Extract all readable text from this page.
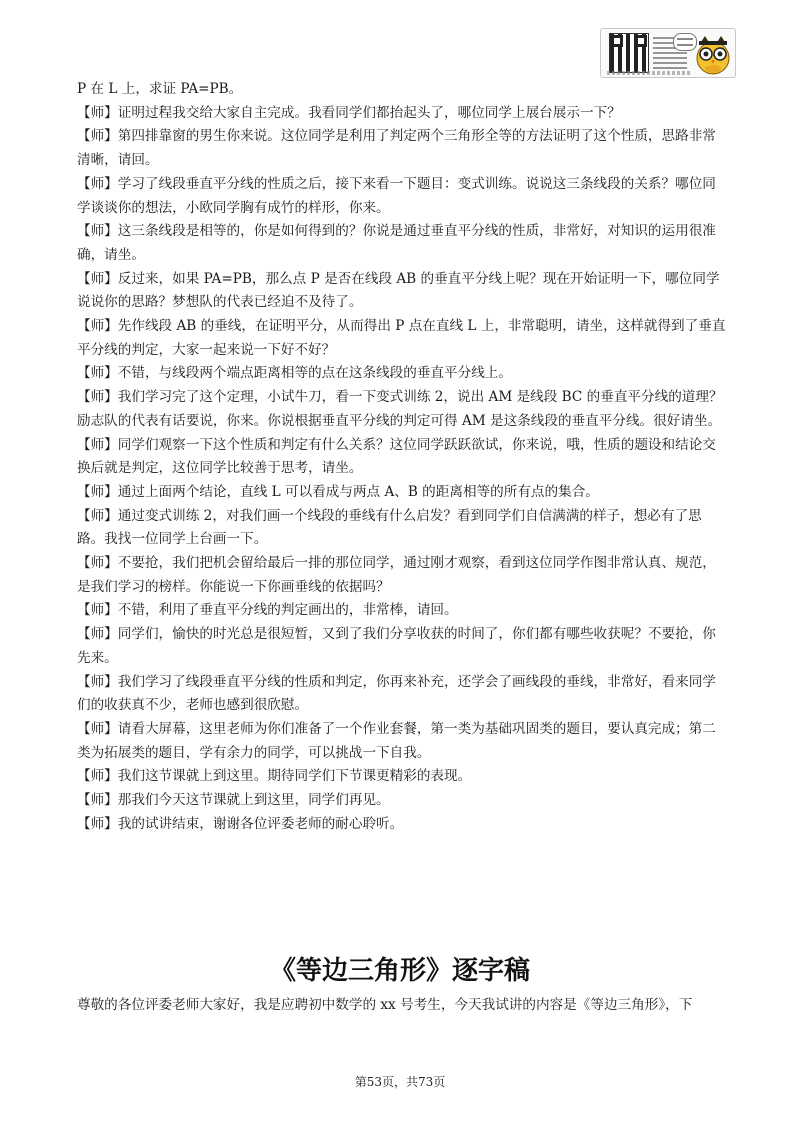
P 在 L 上，求证 PA=PB。

【师】证明过程我交给大家自主完成。我看同学们都抬起头了，哪位同学上展台展示一下？

【师】第四排靠窗的男生你来说。这位同学是利用了判定两个三角形全等的方法证明了这个性质，思路非常清晰，请回。

【师】学习了线段垂直平分线的性质之后，接下来看一下题目：变式训练。说说这三条线段的关系？哪位同学谈谈你的想法，小欧同学胸有成竹的样形，你来。

【师】这三条线段是相等的，你是如何得到的？你说是通过垂直平分线的性质，非常好，对知识的运用很准确，请坐。

【师】反过来，如果 PA=PB，那么点 P 是否在线段 AB 的垂直平分线上呢？现在开始证明一下，哪位同学说说你的思路？梦想队的代表已经迫不及待了。

【师】先作线段 AB 的垂线，在证明平分，从而得出 P 点在直线 L 上，非常聪明，请坐，这样就得到了垂直平分线的判定，大家一起来说一下好不好？

【师】不错，与线段两个端点距离相等的点在这条线段的垂直平分线上。

【师】我们学习完了这个定理，小试牛刀，看一下变式训练 2，说出 AM 是线段 BC 的垂直平分线的道理？励志队的代表有话要说，你来。你说根据垂直平分线的判定可得 AM 是这条线段的垂直平分线。很好请坐。

【师】同学们观察一下这个性质和判定有什么关系？这位同学跃跃欲试，你来说，哦，性质的题设和结论交换后就是判定，这位同学比较善于思考，请坐。

【师】通过上面两个结论，直线 L 可以看成与两点 A、B 的距离相等的所有点的集合。

【师】通过变式训练 2，对我们画一个线段的垂线有什么启发？看到同学们自信满满的样子，想必有了思路。我找一位同学上台画一下。

【师】不要抢，我们把机会留给最后一排的那位同学，通过刚才观察，看到这位同学作图非常认真、规范，是我们学习的榜样。你能说一下你画垂线的依据吗？

【师】不错，利用了垂直平分线的判定画出的，非常棒，请回。

【师】同学们，愉快的时光总是很短暂，又到了我们分享收获的时间了，你们都有哪些收获呢？不要抢，你先来。

【师】我们学习了线段垂直平分线的性质和判定，你再来补充，还学会了画线段的垂线，非常好，看来同学们的收获真不少，老师也感到很欣慰。

【师】请看大屏幕，这里老师为你们准备了一个作业套餐，第一类为基础巩固类的题目，要认真完成；第二类为拓展类的题目，学有余力的同学，可以挑战一下自我。

【师】我们这节课就上到这里。期待同学们下节课更精彩的表现。

【师】那我们今天这节课就上到这里，同学们再见。

【师】我的试讲结束，谢谢各位评委老师的耐心聆听。

《等边三角形》逐字稿
尊敬的各位评委老师大家好，我是应聘初中数学的 xx 号考生，今天我试讲的内容是《等边三角形》，下
第53页，共73页
